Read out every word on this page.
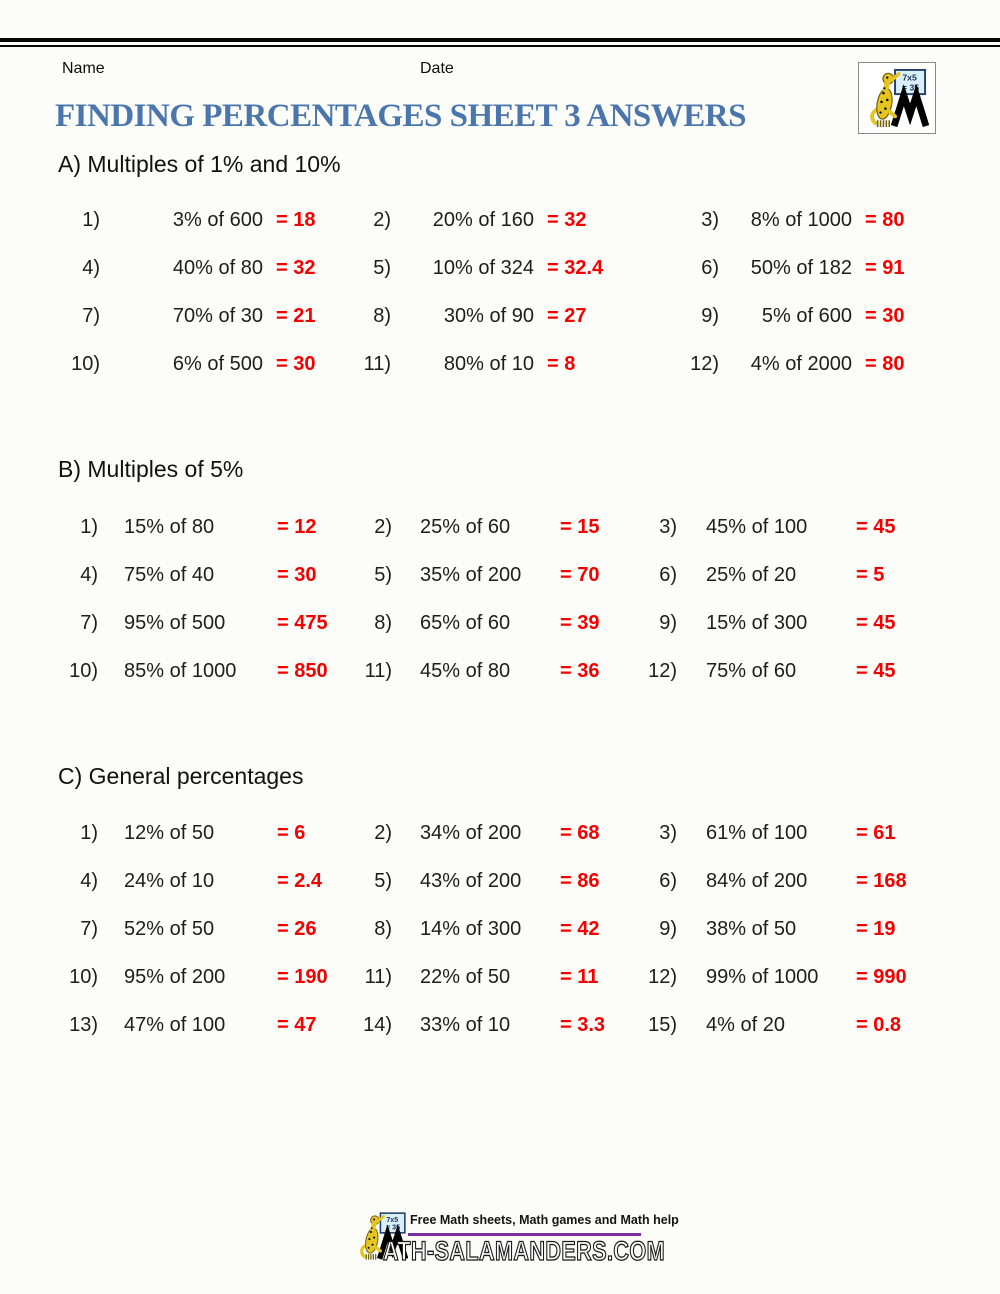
Name	Date
FINDING PERCENTAGES SHEET 3 ANSWERS
A) Multiples of 1% and 10%
1)	3% of 600 = 18	2)	20% of 160 = 32	3)	8% of 1000 = 80
4)	40% of 80 = 32	5)	10% of 324 = 32.4	6)	50% of 182 = 91
7)	70% of 30 = 21	8)	30% of 90 = 27	9)	5% of 600 = 30
10)	6% of 500 = 30	11)	80% of 10 = 8	12)	4% of 2000 = 80
B) Multiples of 5%
1) 15% of 80	= 12	2) 25% of 60	= 15	3) 45% of 100	= 45
4) 75% of 40	= 30	5) 35% of 200	= 70	6) 25% of 20	= 5
7) 95% of 500	= 475	8) 65% of 60	= 39	9) 15% of 300	= 45
10) 85% of 1000	= 850	11) 45% of 80	= 36 12) 75% of 60	= 45
C) General percentages
1) 12% of 50	= 6	2) 34% of 200	= 68	3) 61% of 100	= 61
4) 24% of 10	= 2.4	5) 43% of 200	= 86	6) 84% of 200	= 168
7) 52% of 50	= 26	8) 14% of 300	= 42	9) 38% of 50	= 19
10) 95% of 200	= 190	11) 22% of 50	= 11 12) 99% of 1000	= 990
13) 47% of 100	= 47 14) 33% of 10	= 3.3 15) 4% of 20	= 0.8
Free Math sheets, Math games and Math help
ATH-SALAMANDERS.COM
